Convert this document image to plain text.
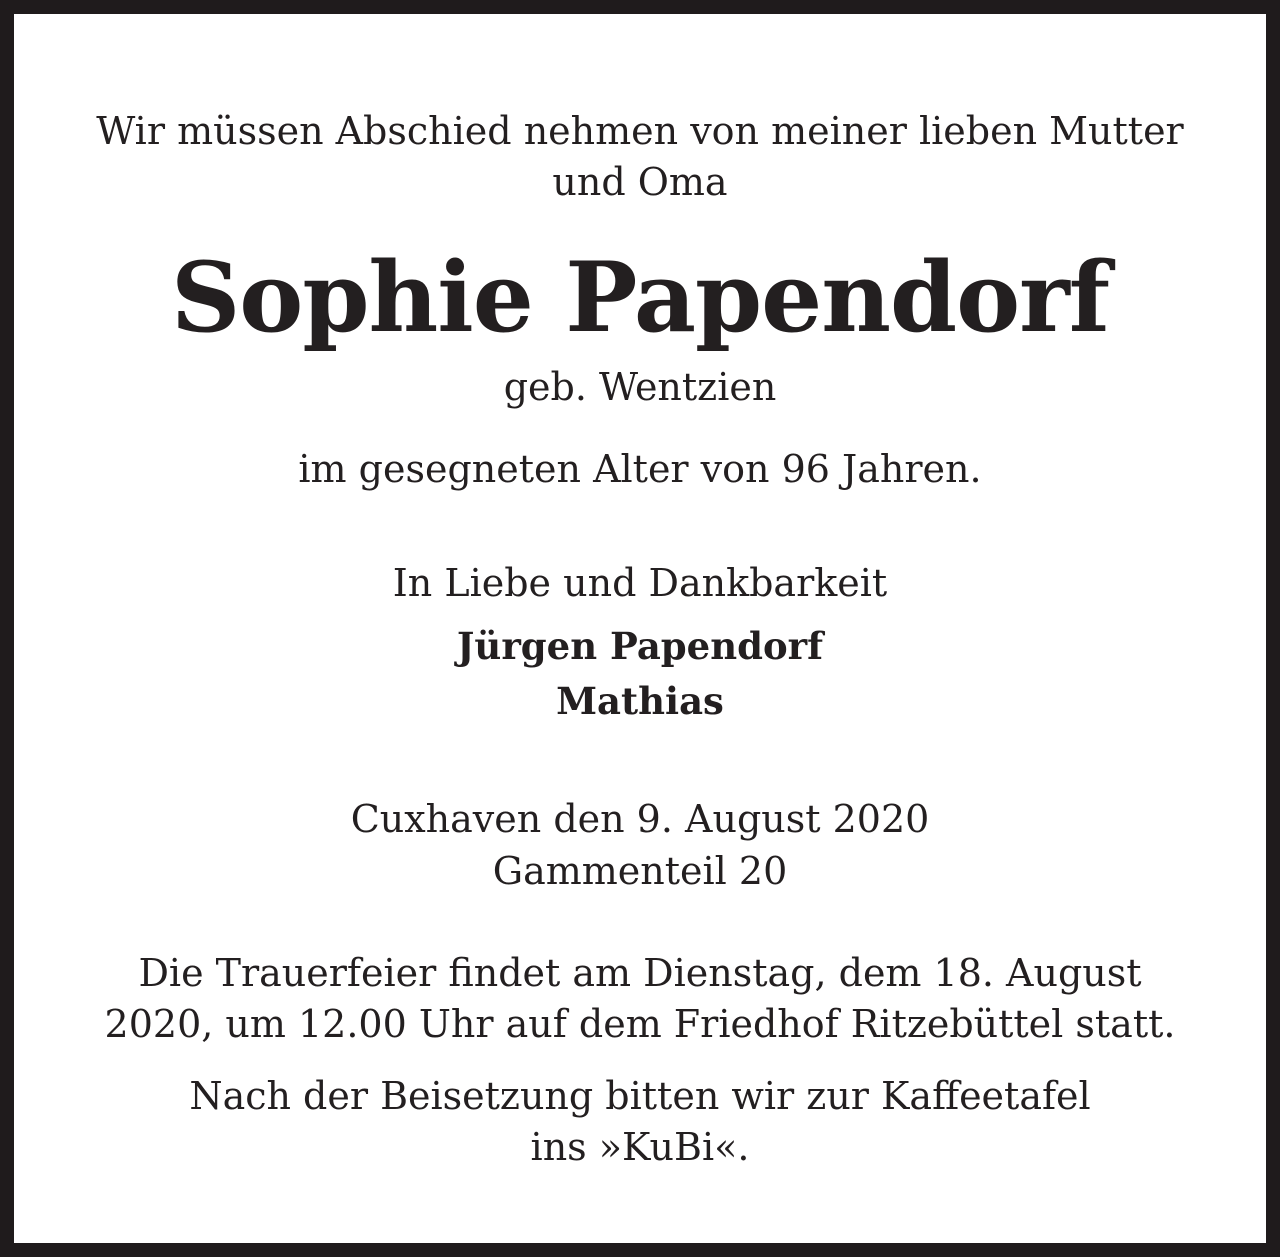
Wir müssen Abschied nehmen von meiner lieben Mutter
und Oma
Sophie Papendorf
geb. Wentzien
im gesegneten Alter von 96 Jahren.
In Liebe und Dankbarkeit
Jürgen Papendorf
Mathias
Cuxhaven den 9. August 2020
Gammenteil 20
Die Trauerfeier findet am Dienstag, dem 18. August
2020, um 12.00 Uhr auf dem Friedhof Ritzebüttel statt.
Nach der Beisetzung bitten wir zur Kaffeetafel
ins »KuBi«.
